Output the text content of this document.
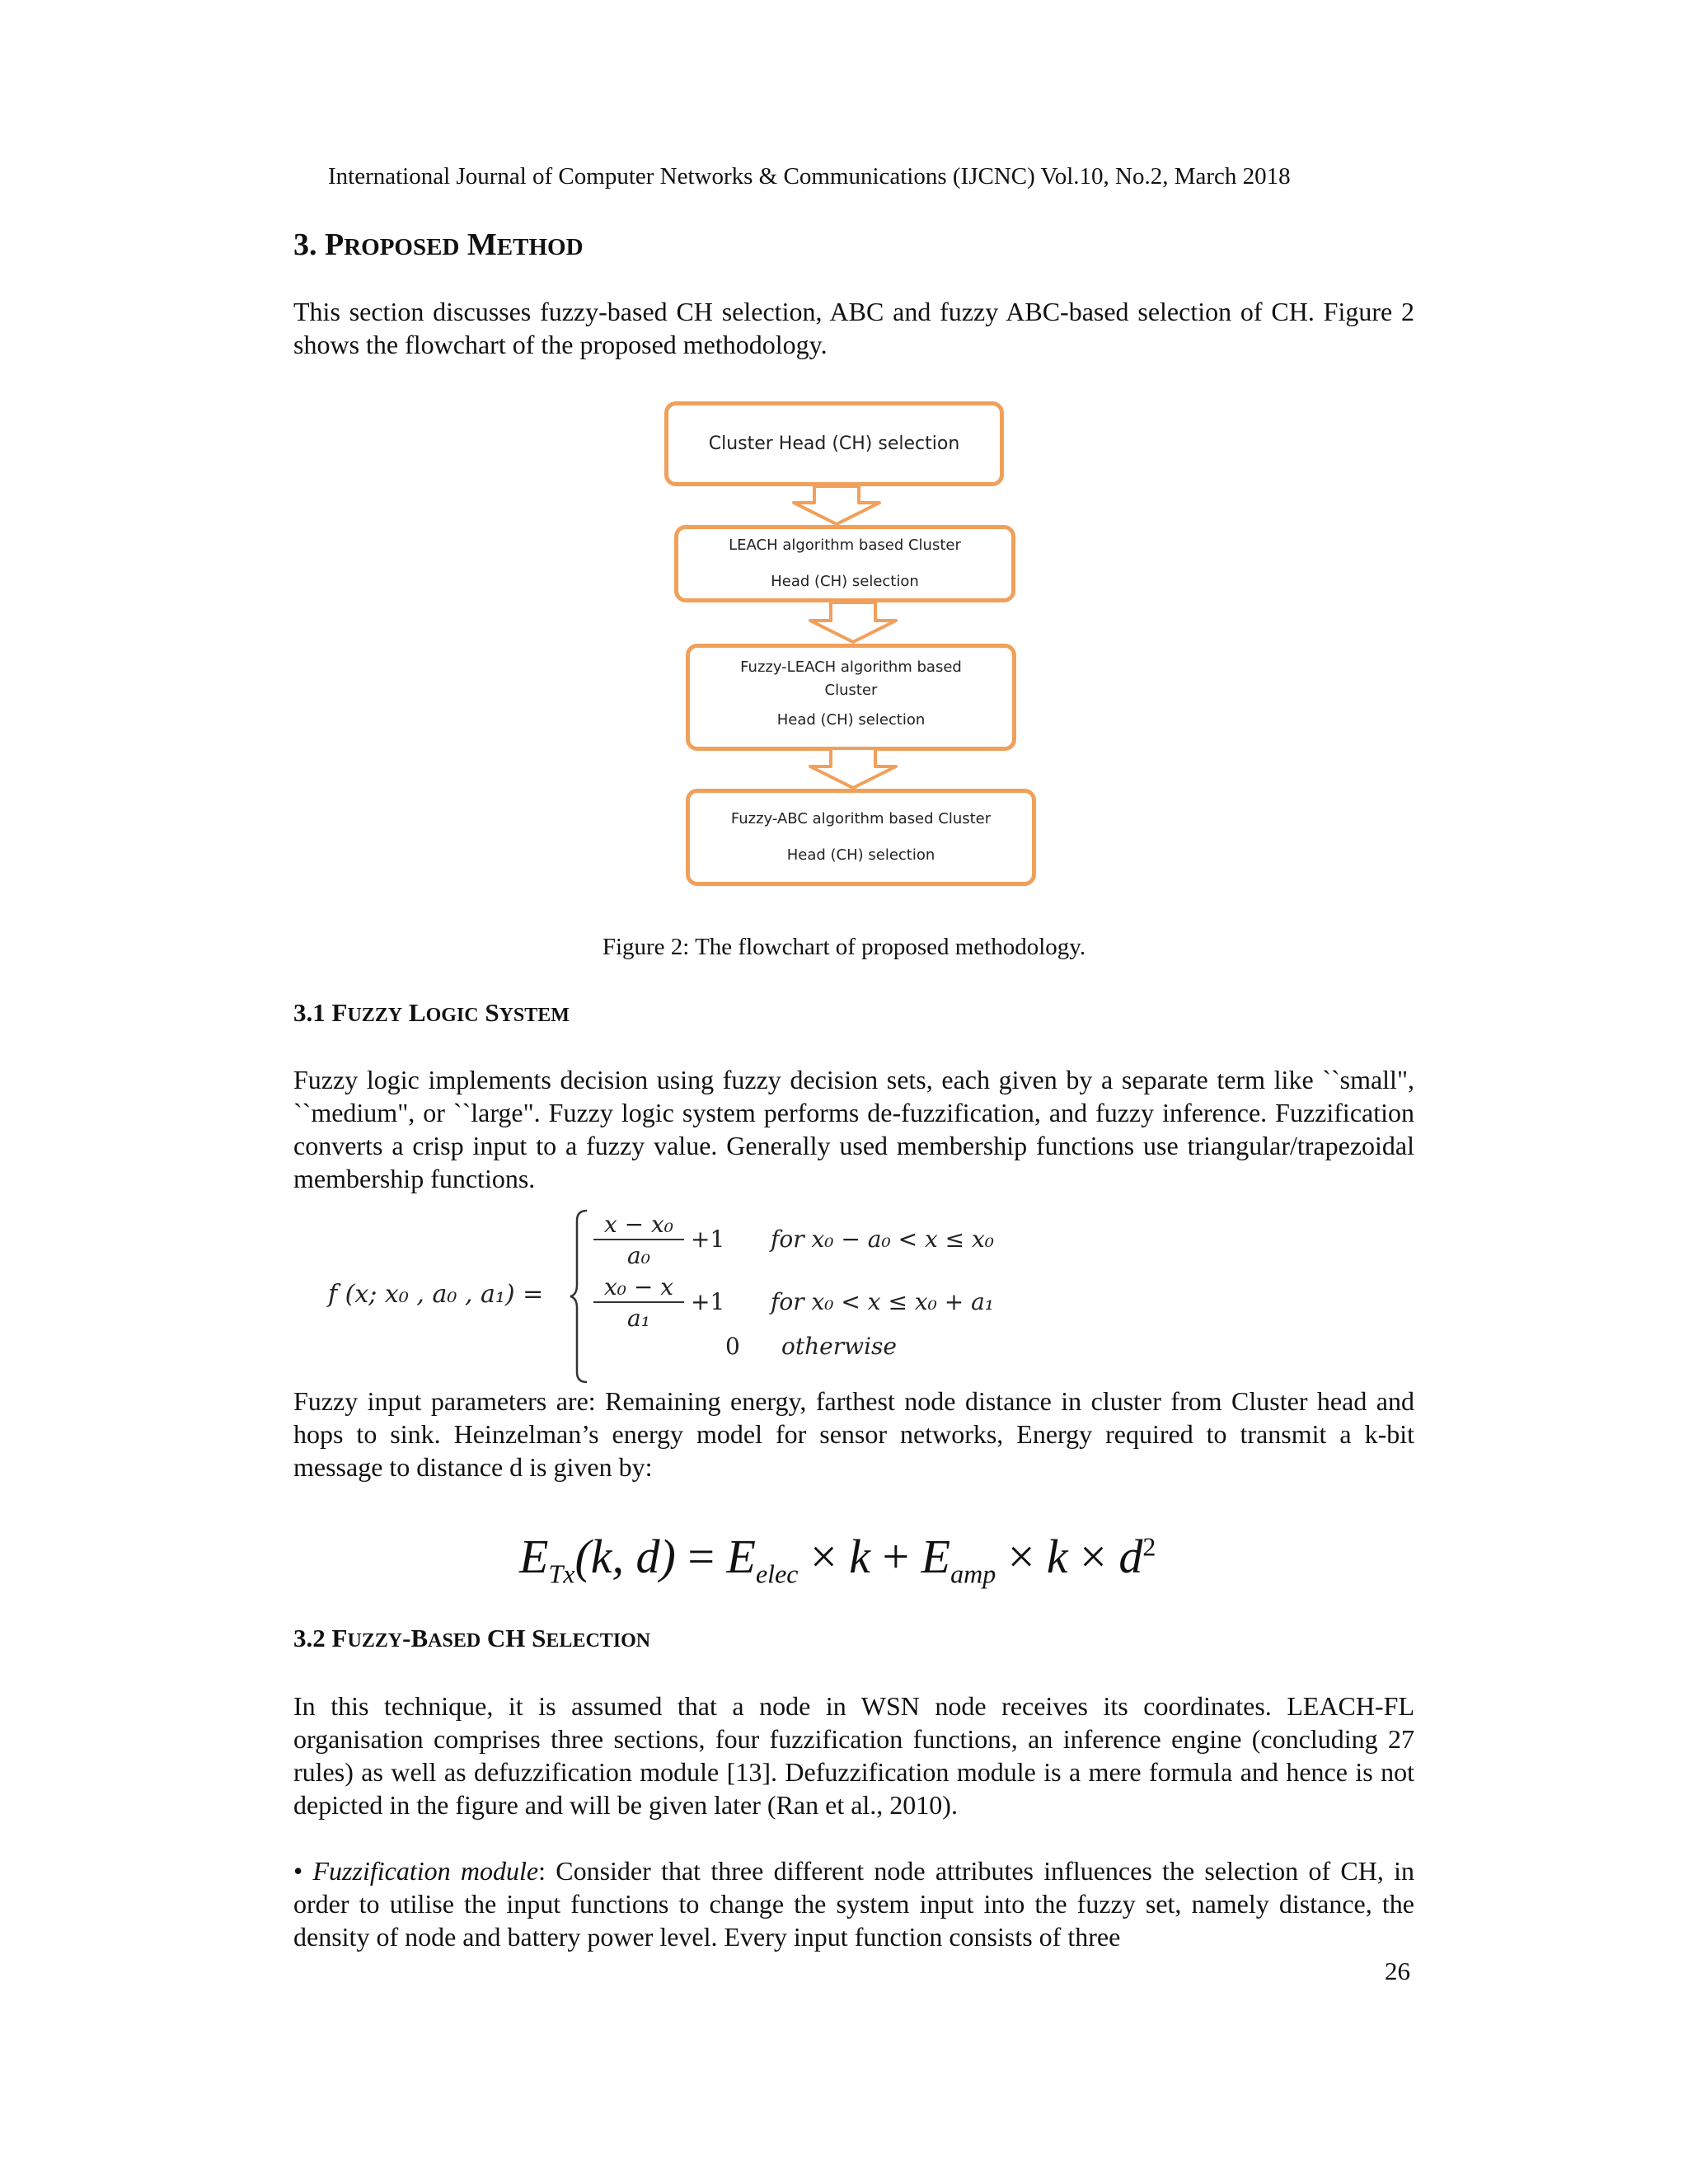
International Journal of Computer Networks & Communications (IJCNC) Vol.10, No.2, March 2018
3. PROPOSED METHOD

This section discusses fuzzy-based CH selection, ABC and fuzzy ABC-based selection of CH. Figure 2 shows the flowchart of the proposed methodology.

Cluster Head (CH) selection
LEACH algorithm based Cluster
Head (CH) selection
Fuzzy-LEACH algorithm based
Cluster
Head (CH) selection
Fuzzy-ABC algorithm based Cluster
Head (CH) selection
Figure 2: The flowchart of proposed methodology.
3.1 FUZZY LOGIC SYSTEM

Fuzzy logic implements decision using fuzzy decision sets, each given by a separate term like ``small", ``medium", or ``large". Fuzzy logic system performs de-fuzzification, and fuzzy inference. Fuzzification converts a crisp input to a fuzzy value. Generally used membership functions use triangular/trapezoidal membership functions.

f (x; x₀ , a₀ , a₁) =
x − x₀
a₀
+1 for x₀ − a₀ < x ≤ x₀
x₀ − x
a₁
+1 for x₀ < x ≤ x₀ + a₁
0 otherwise

Fuzzy input parameters are: Remaining energy, farthest node distance in cluster from Cluster head and hops to sink. Heinzelman’s energy model for sensor networks, Energy required to transmit a k-bit message to distance d is given by:

$E_{Tx}(k$, $d) = E_{elec} \times k + E_{amp} \times k \times d^2$
3.2 FUZZY-BASED CH SELECTION

In this technique, it is assumed that a node in WSN node receives its coordinates. LEACH-FL organisation comprises three sections, four fuzzification functions, an inference engine (concluding 27 rules) as well as defuzzification module [13]. Defuzzification module is a mere formula and hence is not depicted in the figure and will be given later (Ran et al., 2010).

• Fuzzification module: Consider that three different node attributes influences the selection of CH, in order to utilise the input functions to change the system input into the fuzzy set, namely distance, the density of node and battery power level. Every input function consists of three

26
